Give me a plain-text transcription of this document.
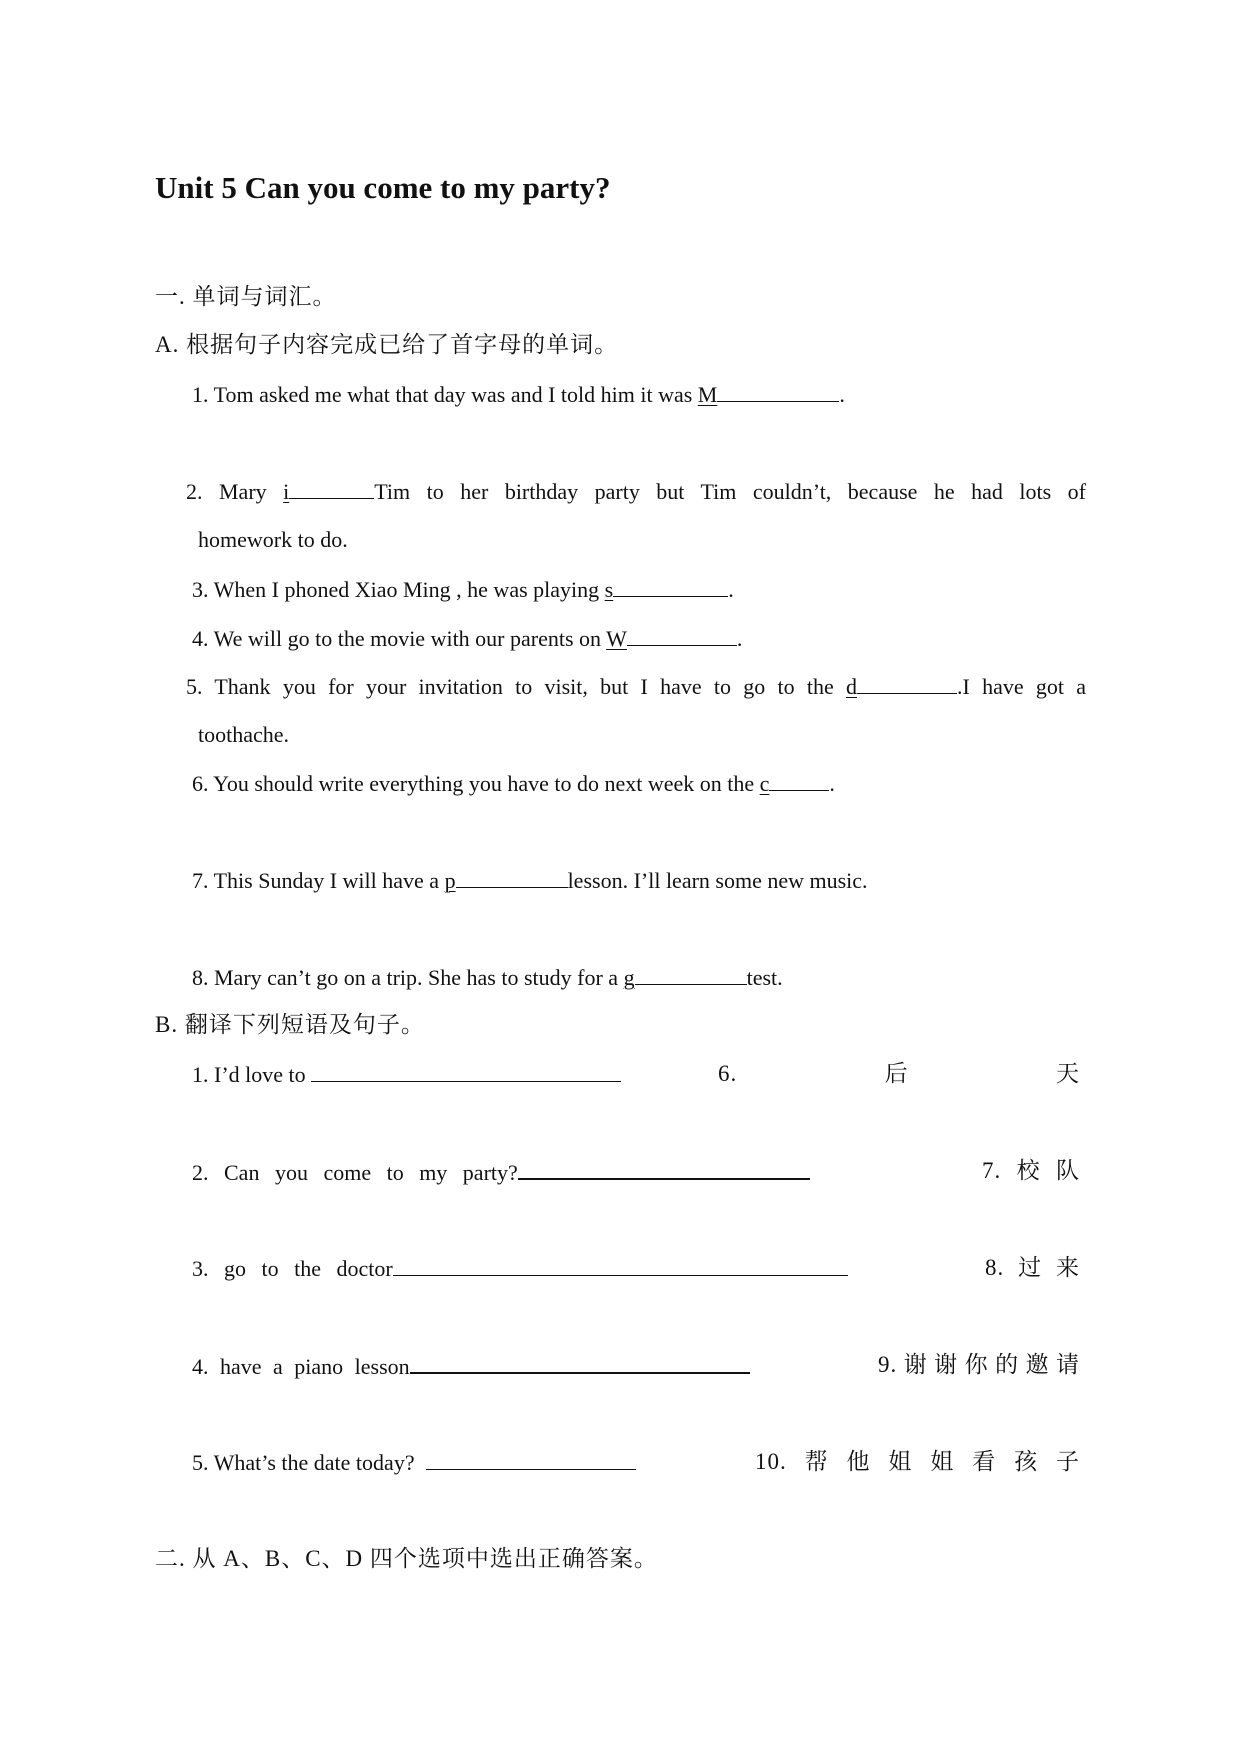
Unit 5 Can you come to my party?
一. 单词与词汇。
A. 根据句子内容完成已给了首字母的单词。
1. Tom asked me what that day was and I told him it was M	.
2. Mary i	Tim to her birthday party but Tim couldn’t, because he had lots of
homework to do.
3. When I phoned Xiao Ming , he was playing s	.
4. We will go to the movie with our parents on W	.
5. Thank you for your invitation to visit, but I have to go to the d	.I have got a
toothache.
6. You should write everything you have to do next week on the c	.
7. This Sunday I will have a p	lesson. I’ll learn some new music.
8. Mary can’t go on a trip. She has to study for a g	test.
B. 翻译下列短语及句子。
1. I’d love to
2. Can you come to my party?
3. go to the doctor
4. have a piano lesson
5. What’s the date today?
6.	后	天
7. 校 队
8. 过 来
9. 谢 谢 你 的 邀 请
10. 帮 他 姐 姐 看 孩 子
二. 从 A、B、C、D 四个选项中选出正确答案。
